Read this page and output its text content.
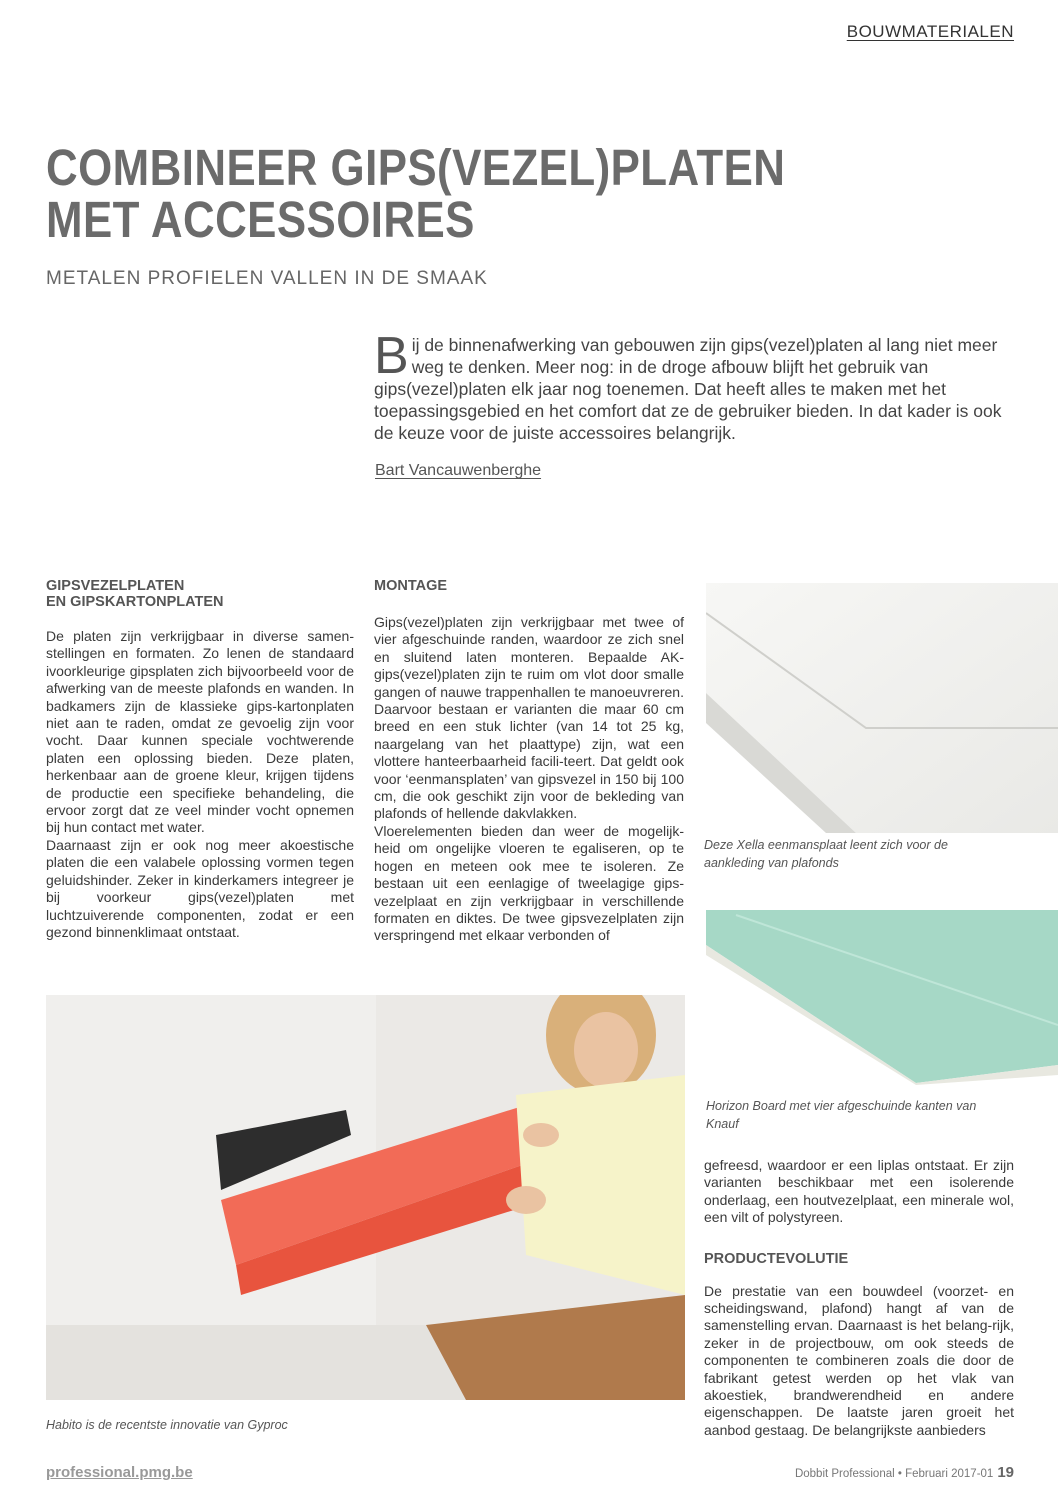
BOUWMATERIALEN
COMBINEER GIPS(VEZEL)PLATEN
MET ACCESSOIRES
METALEN PROFIELEN VALLEN IN DE SMAAK
Bij de binnenafwerking van gebouwen zijn gips(vezel)platen al lang niet meer weg te denken. Meer nog: in de droge afbouw blijft het gebruik van gips(vezel)platen elk jaar nog toenemen. Dat heeft alles te maken met het toepassingsgebied en het comfort dat ze de gebruiker bieden. In dat kader is ook de keuze voor de juiste accessoires belangrijk.
Bart Vancauwenberghe
GIPSVEZELPLATEN
EN GIPSKARTONPLATEN

De platen zijn verkrijgbaar in diverse samen-stellingen en formaten. Zo lenen de standaard ivoorkleurige gipsplaten zich bijvoorbeeld voor de afwerking van de meeste plafonds en wanden. In badkamers zijn de klassieke gips-kartonplaten niet aan te raden, omdat ze gevoelig zijn voor vocht. Daar kunnen speciale vochtwerende platen een oplossing bieden. Deze platen, herkenbaar aan de groene kleur, krijgen tijdens de productie een specifieke behandeling, die ervoor zorgt dat ze veel minder vocht opnemen bij hun contact met water.

Daarnaast zijn er ook nog meer akoestische platen die een valabele oplossing vormen tegen geluidshinder. Zeker in kinderkamers integreer je bij voorkeur gips(vezel)platen met luchtzuiverende componenten, zodat er een gezond binnenklimaat ontstaat.

MONTAGE

Gips(vezel)platen zijn verkrijgbaar met twee of vier afgeschuinde randen, waardoor ze zich snel en sluitend laten monteren. Bepaalde AK-gips(vezel)platen zijn te ruim om vlot door smalle gangen of nauwe trappenhallen te manoeuvreren. Daarvoor bestaan er varianten die maar 60 cm breed en een stuk lichter (van 14 tot 25 kg, naargelang van het plaattype) zijn, wat een vlottere hanteerbaarheid facili-teert. Dat geldt ook voor ‘eenmansplaten’ van gipsvezel in 150 bij 100 cm, die ook geschikt zijn voor de bekleding van plafonds of hellende dakvlakken.

Vloerelementen bieden dan weer de mogelijk-heid om ongelijke vloeren te egaliseren, op te hogen en meteen ook mee te isoleren. Ze bestaan uit een eenlagige of tweelagige gips-vezelplaat en zijn verkrijgbaar in verschillende formaten en diktes. De twee gipsvezelplaten zijn verspringend met elkaar verbonden of

Deze Xella eenmansplaat leent zich voor de aankleding van plafonds
Horizon Board met vier afgeschuinde kanten van Knauf
Habito is de recentste innovatie van Gyproc

gefreesd, waardoor er een liplas ontstaat. Er zijn varianten beschikbaar met een isolerende onderlaag, een houtvezelplaat, een minerale wol, een vilt of polystyreen.

PRODUCTEVOLUTIE

De prestatie van een bouwdeel (voorzet- en scheidingswand, plafond) hangt af van de samenstelling ervan. Daarnaast is het belang-rijk, zeker in de projectbouw, om ook steeds de componenten te combineren zoals die door de fabrikant getest werden op het vlak van akoestiek, brandwerendheid en andere eigenschappen. De laatste jaren groeit het aanbod gestaag. De belangrijkste aanbieders

professional.pmg.be	Dobbit Professional • Februari 2017-01 19
